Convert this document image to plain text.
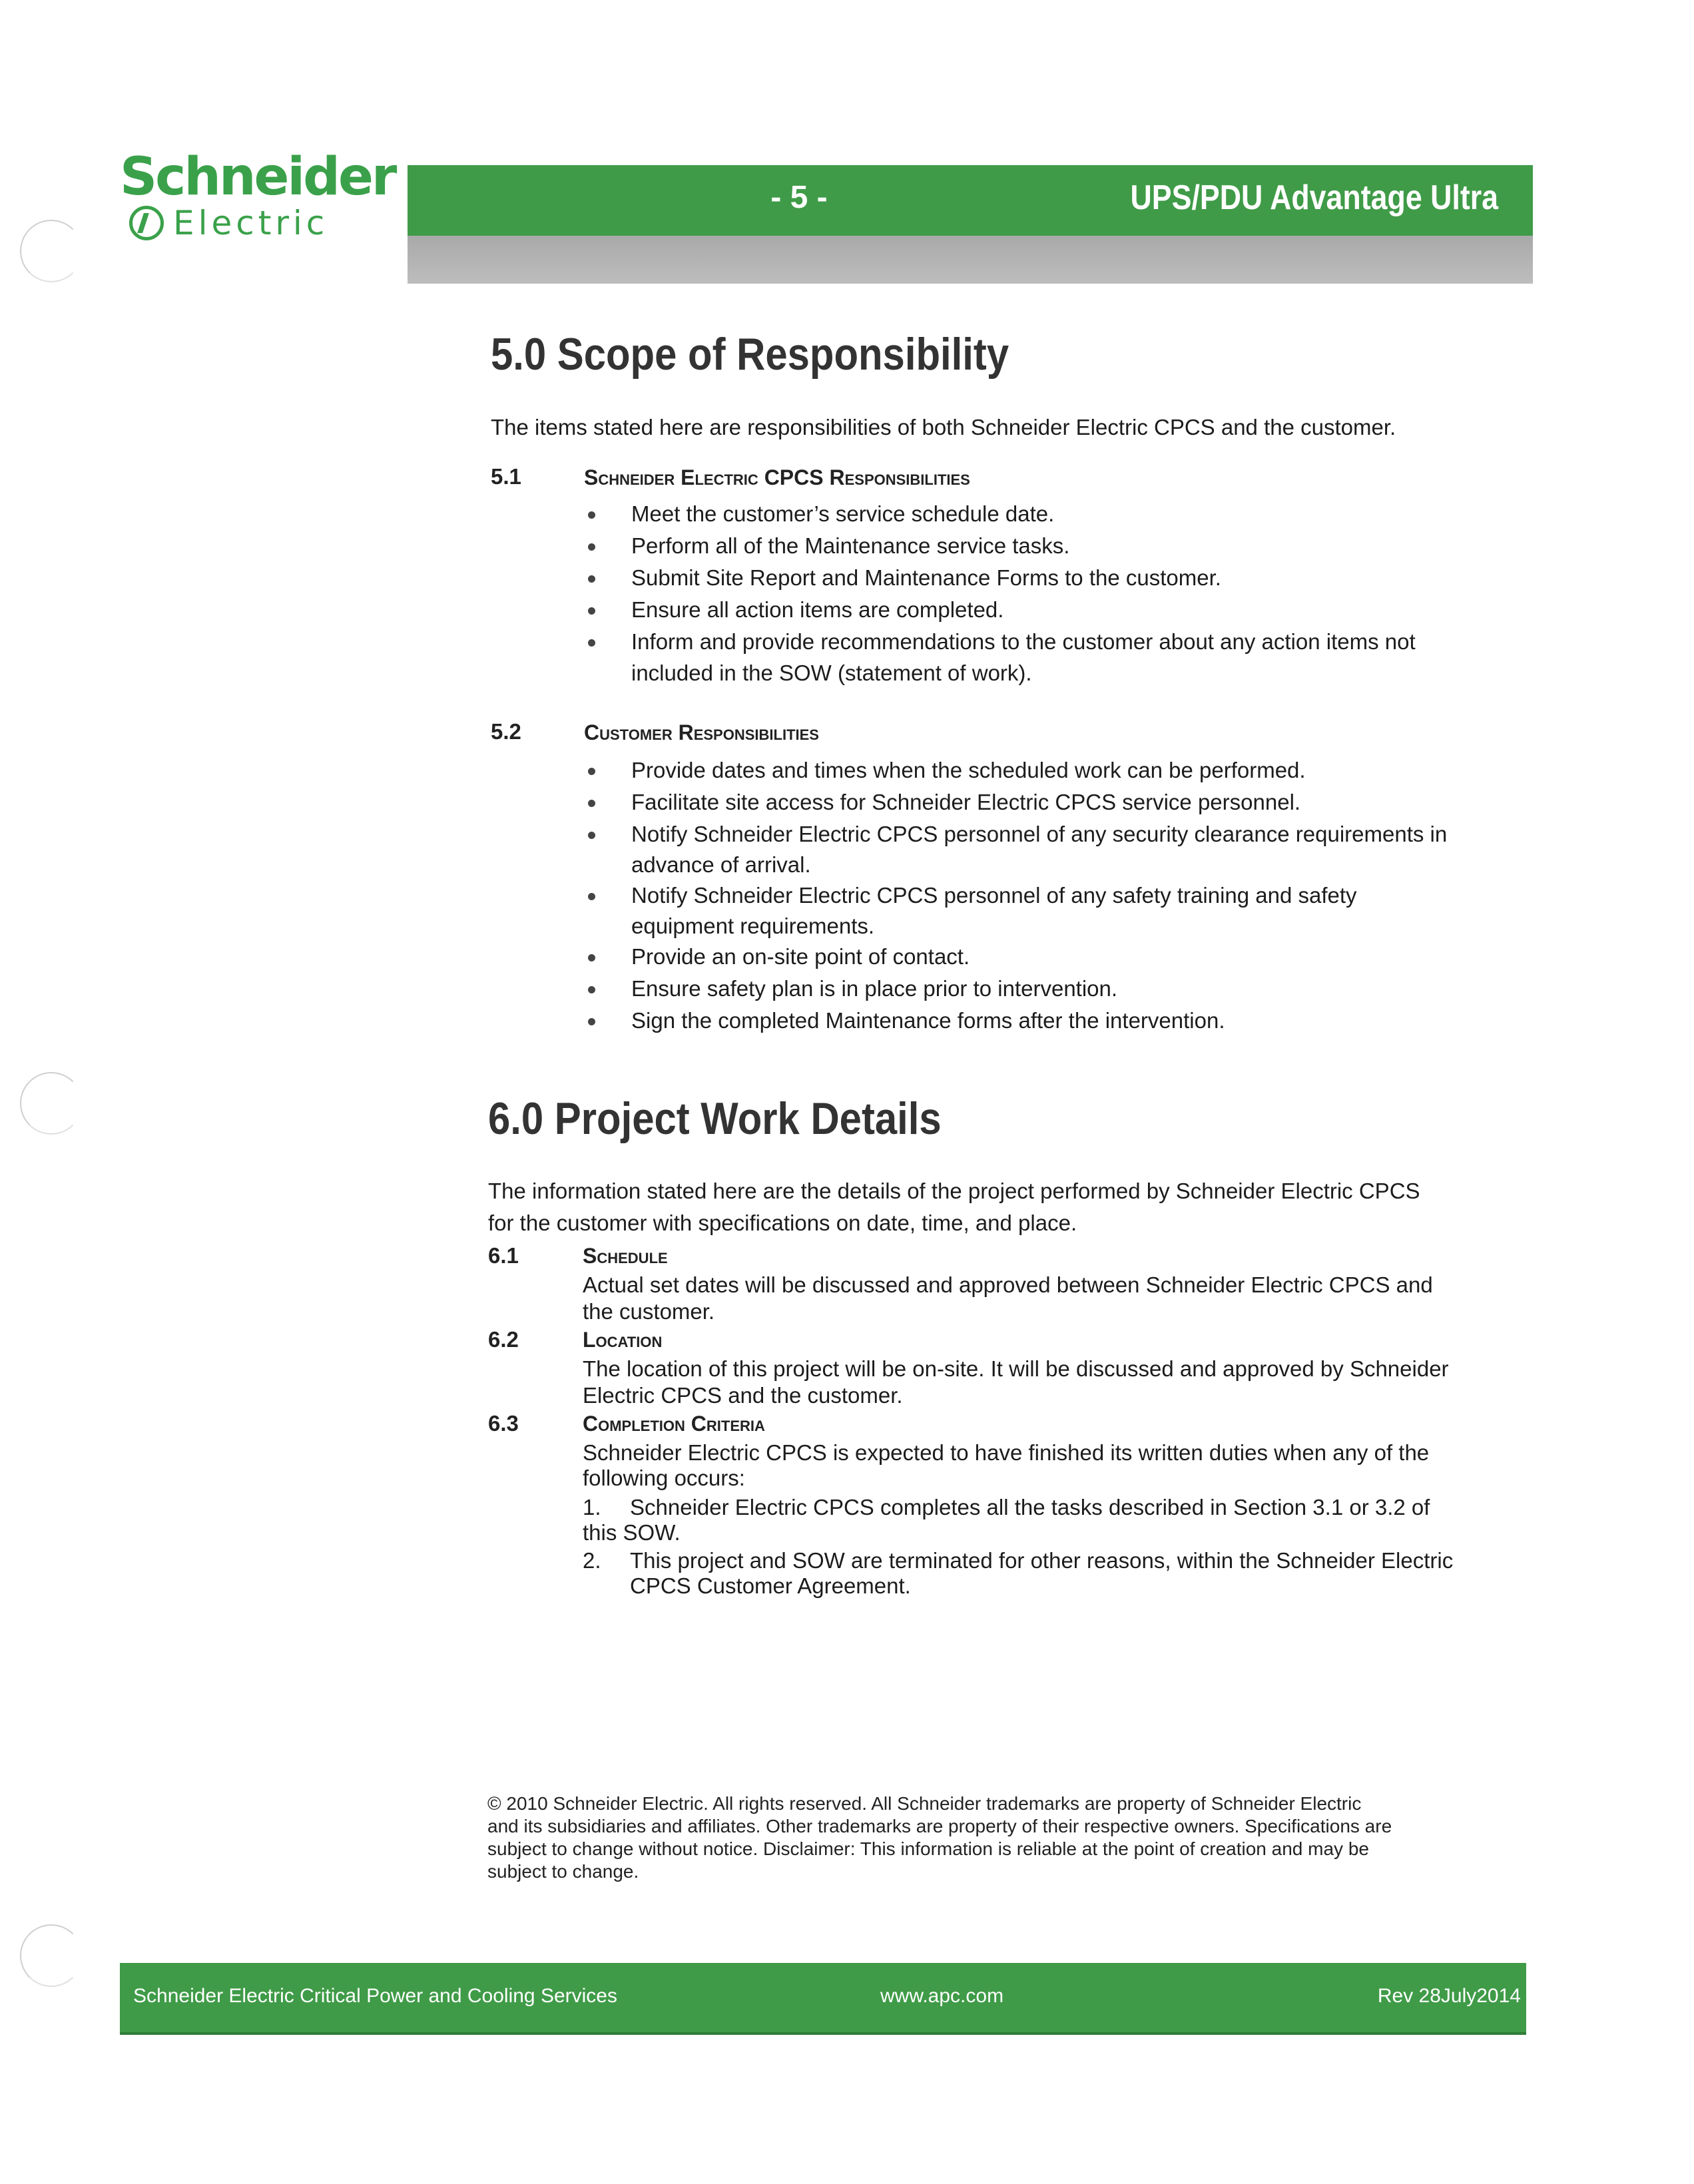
Schneider
Electric
- 5 -	UPS/PDU Advantage Ultra
5.0 Scope of Responsibility
The items stated here are responsibilities of both Schneider Electric CPCS and the customer.
5.1	Schneider Electric CPCS Responsibilities
Meet the customer’s service schedule date.
Perform all of the Maintenance service tasks.
Submit Site Report and Maintenance Forms to the customer.
Ensure all action items are completed.
Inform and provide recommendations to the customer about any action items not
included in the SOW (statement of work).
5.2	Customer Responsibilities
Provide dates and times when the scheduled work can be performed.
Facilitate site access for Schneider Electric CPCS service personnel.
Notify Schneider Electric CPCS personnel of any security clearance requirements in
advance of arrival.
Notify Schneider Electric CPCS personnel of any safety training and safety
equipment requirements.
Provide an on-site point of contact.
Ensure safety plan is in place prior to intervention.
Sign the completed Maintenance forms after the intervention.
6.0 Project Work Details
The information stated here are the details of the project performed by Schneider Electric CPCS
for the customer with specifications on date, time, and place.
6.1	Schedule
Actual set dates will be discussed and approved between Schneider Electric CPCS and
the customer.
6.2	Location
The location of this project will be on-site. It will be discussed and approved by Schneider
Electric CPCS and the customer.
6.3	Completion Criteria
Schneider Electric CPCS is expected to have finished its written duties when any of the
following occurs:
1. Schneider Electric CPCS completes all the tasks described in Section 3.1 or 3.2 of
this SOW.
2. This project and SOW are terminated for other reasons, within the Schneider Electric
CPCS Customer Agreement.
© 2010 Schneider Electric. All rights reserved. All Schneider trademarks are property of Schneider Electric
and its subsidiaries and affiliates. Other trademarks are property of their respective owners. Specifications are
subject to change without notice. Disclaimer: This information is reliable at the point of creation and may be
subject to change.
Schneider Electric Critical Power and Cooling Services	www.apc.com	Rev 28July2014
